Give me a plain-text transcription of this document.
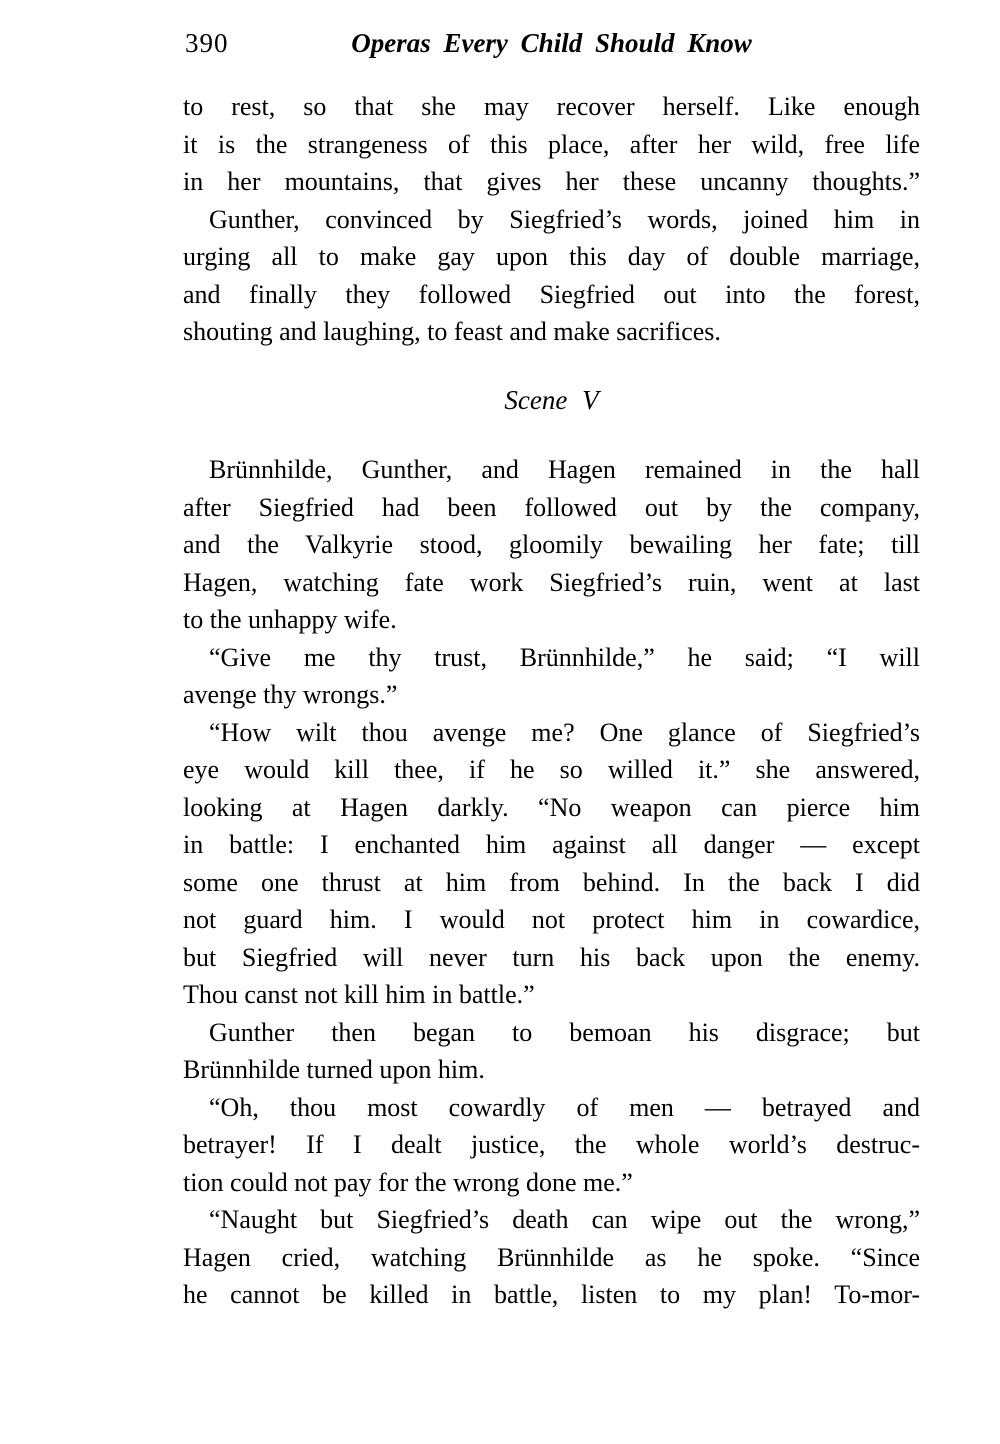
390	Operas Every Child Should Know
to rest, so that she may recover herself. Like enough
it is the strangeness of this place, after her wild, free life
in her mountains, that gives her these uncanny thoughts.”
Gunther, convinced by Siegfried’s words, joined him in
urging all to make gay upon this day of double marriage,
and finally they followed Siegfried out into the forest,
shouting and laughing, to feast and make sacrifices.
Scene V
Brünnhilde, Gunther, and Hagen remained in the hall
after Siegfried had been followed out by the company,
and the Valkyrie stood, gloomily bewailing her fate; till
Hagen, watching fate work Siegfried’s ruin, went at last
to the unhappy wife.
“Give me thy trust, Brünnhilde,” he said; “I will
avenge thy wrongs.”
“How wilt thou avenge me? One glance of Siegfried’s
eye would kill thee, if he so willed it.” she answered,
looking at Hagen darkly. “No weapon can pierce him
in battle: I enchanted him against all danger — except
some one thrust at him from behind. In the back I did
not guard him. I would not protect him in cowardice,
but Siegfried will never turn his back upon the enemy.
Thou canst not kill him in battle.”
Gunther then began to bemoan his disgrace; but
Brünnhilde turned upon him.
“Oh, thou most cowardly of men — betrayed and
betrayer! If I dealt justice, the whole world’s destruc-
tion could not pay for the wrong done me.”
“Naught but Siegfried’s death can wipe out the wrong,”
Hagen cried, watching Brünnhilde as he spoke. “Since
he cannot be killed in battle, listen to my plan! To-mor-
